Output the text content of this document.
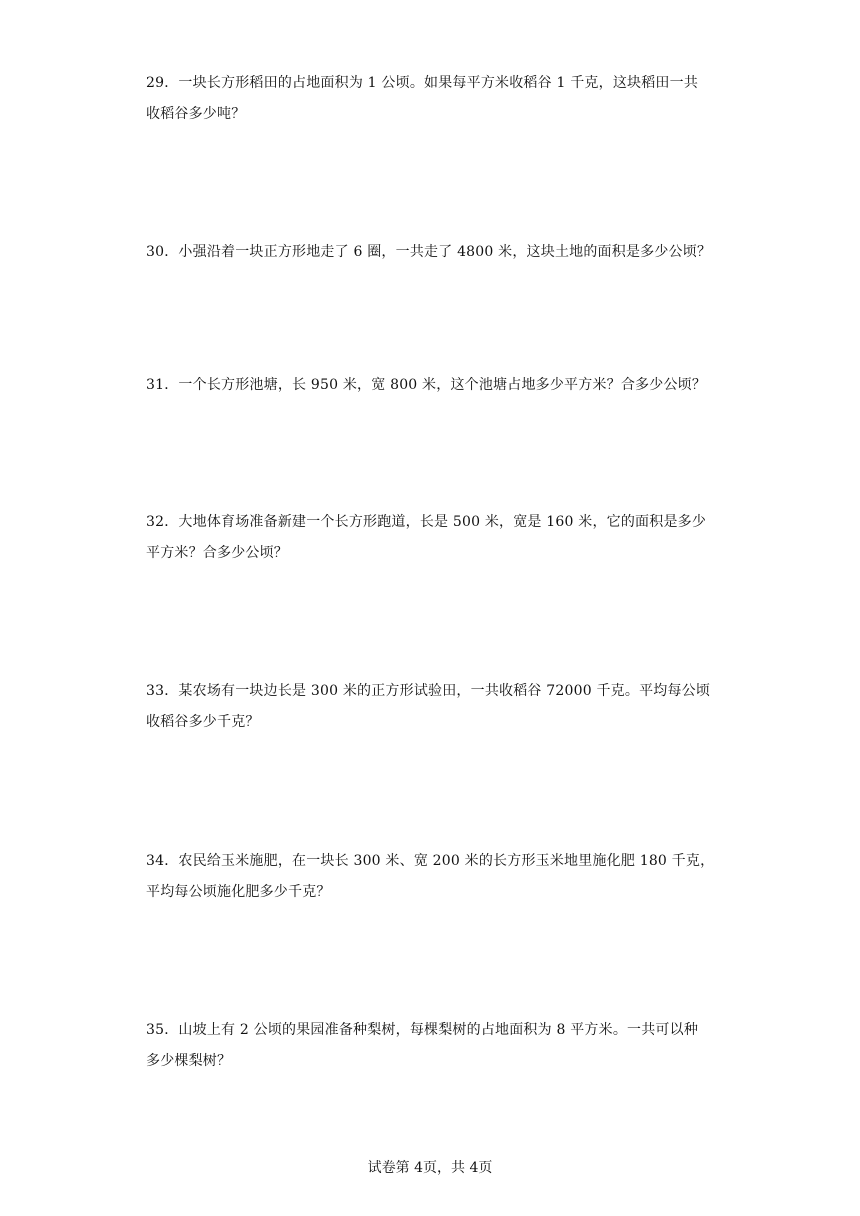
29．一块长方形稻田的占地面积为 1 公顷。如果每平方米收稻谷 1 千克，这块稻田一共
收稻谷多少吨？
30．小强沿着一块正方形地走了 6 圈，一共走了 4800 米，这块土地的面积是多少公顷？
31．一个长方形池塘，长 950 米，宽 800 米，这个池塘占地多少平方米？合多少公顷？
32．大地体育场准备新建一个长方形跑道，长是 500 米，宽是 160 米，它的面积是多少
平方米？合多少公顷？
33．某农场有一块边长是 300 米的正方形试验田，一共收稻谷 72000 千克。平均每公顷
收稻谷多少千克？
34．农民给玉米施肥，在一块长 300 米、宽 200 米的长方形玉米地里施化肥 180 千克，
平均每公顷施化肥多少千克？
35．山坡上有 2 公顷的果园准备种梨树，每棵梨树的占地面积为 8 平方米。一共可以种
多少棵梨树？
试卷第 4页，共 4页
